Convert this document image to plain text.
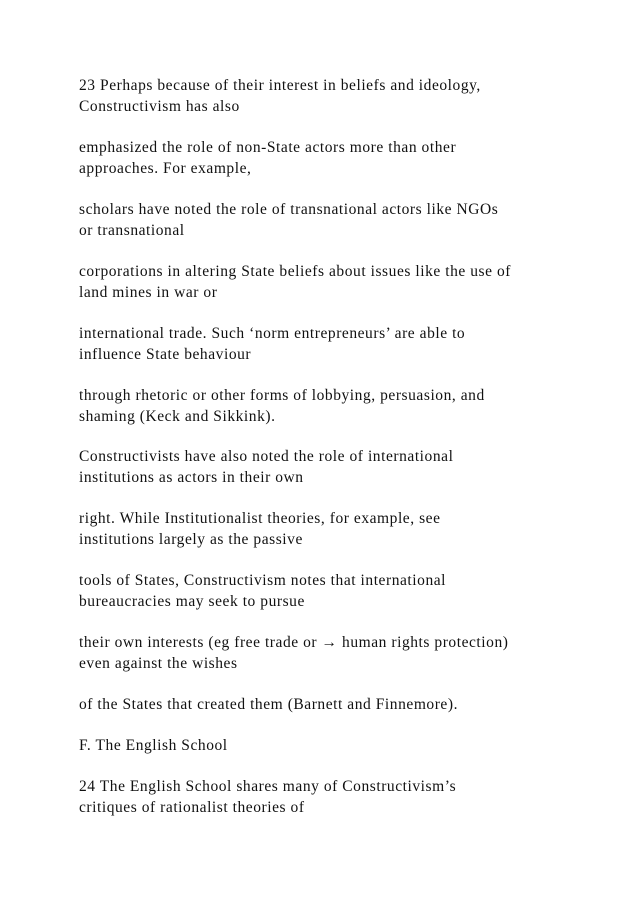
23 Perhaps because of their interest in beliefs and ideology,
Constructivism has also

emphasized the role of non-State actors more than other
approaches. For example,

scholars have noted the role of transnational actors like NGOs
or transnational

corporations in altering State beliefs about issues like the use of
land mines in war or

international trade. Such ‘norm entrepreneurs’ are able to
influence State behaviour

through rhetoric or other forms of lobbying, persuasion, and
shaming (Keck and Sikkink).

Constructivists have also noted the role of international
institutions as actors in their own

right. While Institutionalist theories, for example, see
institutions largely as the passive

tools of States, Constructivism notes that international
bureaucracies may seek to pursue

their own interests (eg free trade or → human rights protection)
even against the wishes

of the States that created them (Barnett and Finnemore).

F. The English School

24 The English School shares many of Constructivism’s
critiques of rationalist theories of
